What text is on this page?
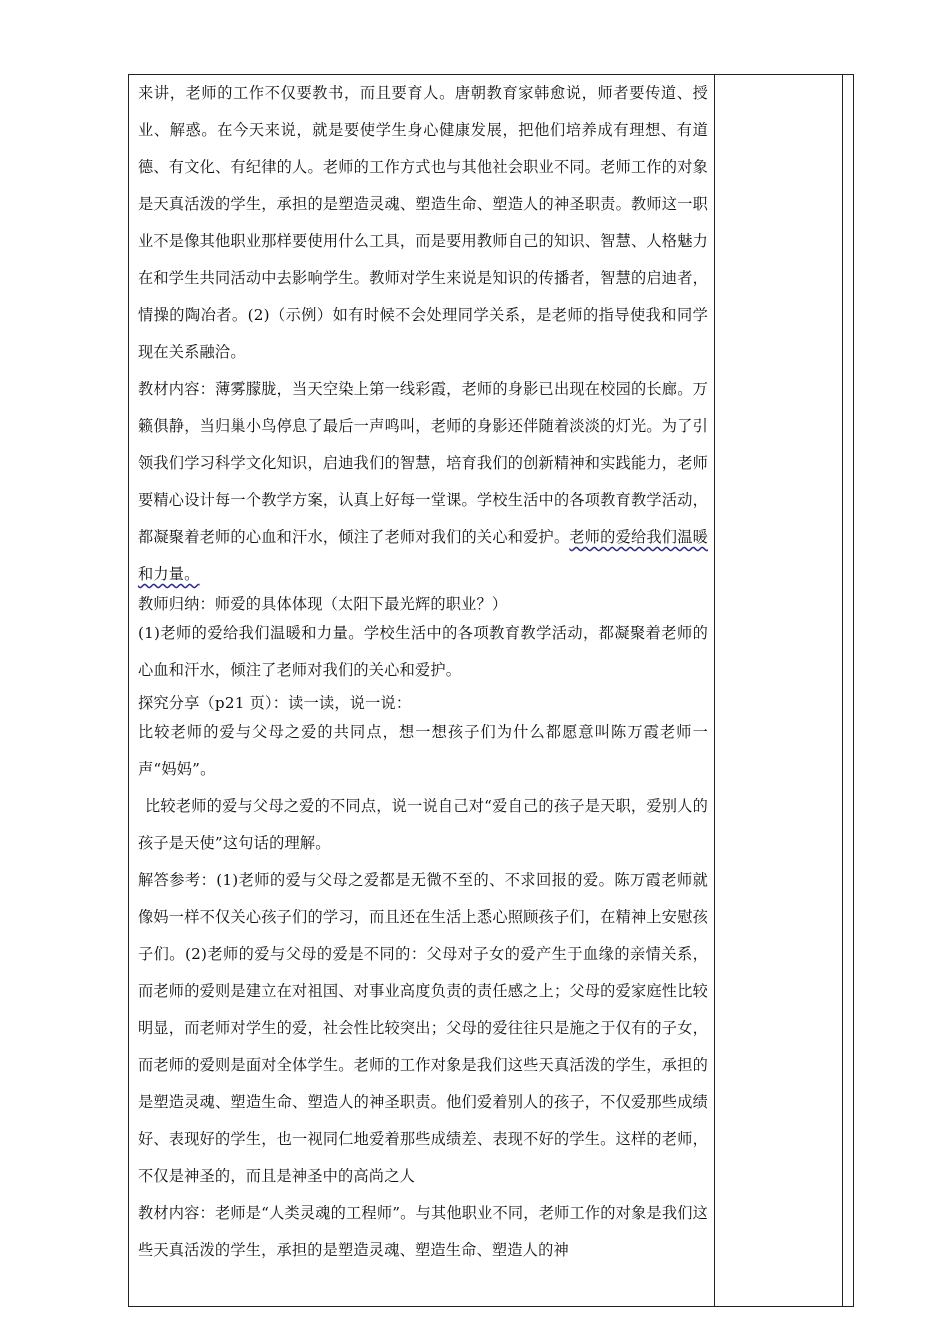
来讲，老师的工作不仅要教书，而且要育人。唐朝教育家韩愈说，师者要传道、授业、解惑。在今天来说，就是要使学生身心健康发展，把他们培养成有理想、有道德、有文化、有纪律的人。老师的工作方式也与其他社会职业不同。老师工作的对象是天真活泼的学生，承担的是塑造灵魂、塑造生命、塑造人的神圣职责。教师这一职业不是像其他职业那样要使用什么工具，而是要用教师自己的知识、智慧、人格魅力在和学生共同活动中去影响学生。教师对学生来说是知识的传播者，智慧的启迪者，情操的陶冶者。(2)（示例）如有时候不会处理同学关系，是老师的指导使我和同学现在关系融洽。

教材内容：薄雾朦胧，当天空染上第一线彩霞，老师的身影已出现在校园的长廊。万籁俱静，当归巢小鸟停息了最后一声鸣叫，老师的身影还伴随着淡淡的灯光。为了引领我们学习科学文化知识，启迪我们的智慧，培育我们的创新精神和实践能力，老师要精心设计每一个教学方案，认真上好每一堂课。学校生活中的各项教育教学活动，都凝聚着老师的心血和汗水，倾注了老师对我们的关心和爱护。老师的爱给我们温暖和力量。

教师归纳：师爱的具体体现（太阳下最光辉的职业？）

(1)老师的爱给我们温暖和力量。学校生活中的各项教育教学活动，都凝聚着老师的心血和汗水，倾注了老师对我们的关心和爱护。

探究分享（p21 页）：读一读，说一说：

比较老师的爱与父母之爱的共同点，想一想孩子们为什么都愿意叫陈万霞老师一声“妈妈”。

比较老师的爱与父母之爱的不同点，说一说自己对“爱自己的孩子是天职，爱别人的孩子是天使”这句话的理解。

解答参考：(1)老师的爱与父母之爱都是无微不至的、不求回报的爱。陈万霞老师就像妈一样不仅关心孩子们的学习，而且还在生活上悉心照顾孩子们，在精神上安慰孩子们。(2)老师的爱与父母的爱是不同的：父母对子女的爱产生于血缘的亲情关系，而老师的爱则是建立在对祖国、对事业高度负责的责任感之上；父母的爱家庭性比较明显，而老师对学生的爱，社会性比较突出；父母的爱往往只是施之于仅有的子女，而老师的爱则是面对全体学生。老师的工作对象是我们这些天真活泼的学生，承担的是塑造灵魂、塑造生命、塑造人的神圣职责。他们爱着别人的孩子，不仅爱那些成绩好、表现好的学生，也一视同仁地爱着那些成绩差、表现不好的学生。这样的老师，不仅是神圣的，而且是神圣中的高尚之人

教材内容：老师是“人类灵魂的工程师”。与其他职业不同，老师工作的对象是我们这些天真活泼的学生，承担的是塑造灵魂、塑造生命、塑造人的神
